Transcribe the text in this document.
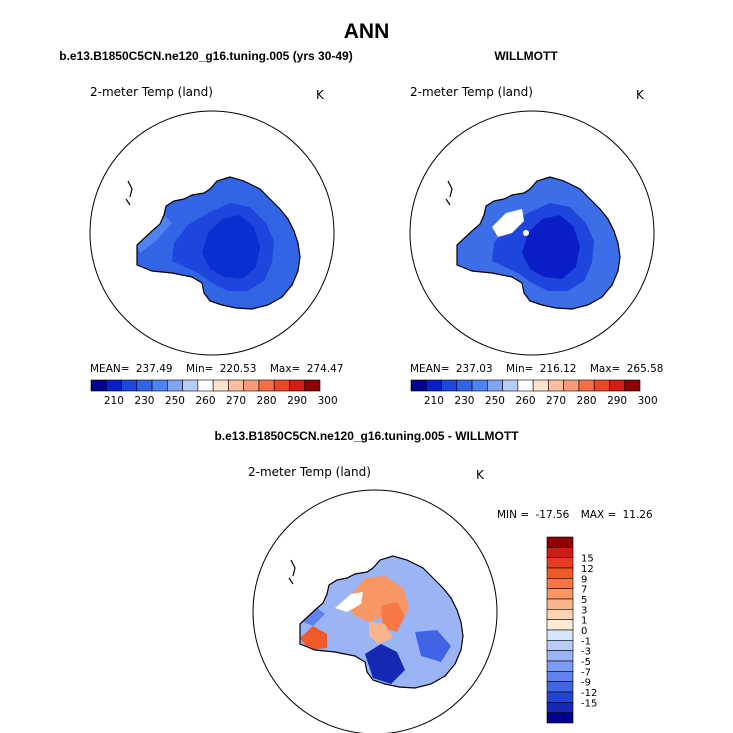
ANN
b.e13.B1850C5CN.ne120_g16.tuning.005 (yrs 30-49)
2-meter Temp (land)	K
MEAN= 237.49 Min= 220.53 Max= 274.47
210 230 250 260 270 280 290 300
WILLMOTT
2-meter Temp (land)	K
MEAN= 237.03 Min= 216.12 Max= 265.58
210 230 250 260 270 280 290 300
b.e13.B1850C5CN.ne120_g16.tuning.005 - WILLMOTT
2-meter Temp (land)	K
MIN = -17.56 MAX = 11.26
15
12
9
7
5
3
1
0
-1
-3
-5
-7
-9
-12
-15
